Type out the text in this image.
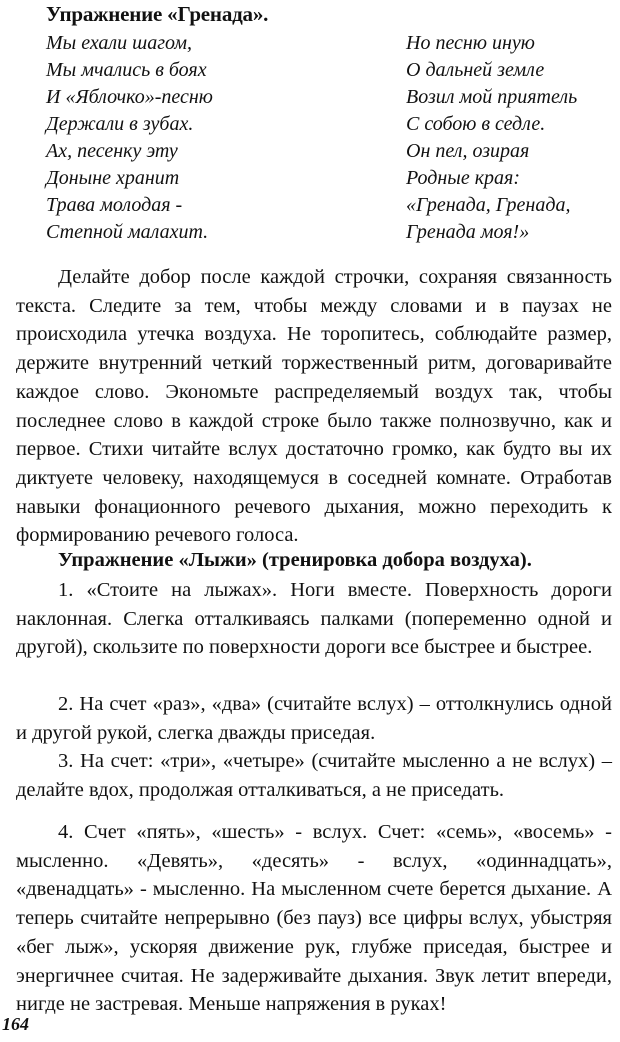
Упражнение «Гренада».
Мы ехали шагом,
Мы мчались в боях
И «Яблочко»-песню
Держали в зубах.
Ах, песенку эту
Доныне хранит
Трава молодая -
Степной малахит.
Но песню иную
О дальней земле
Возил мой приятель
С собою в седле.
Он пел, озирая
Родные края:
«Гренада, Гренада,
Гренада моя!»

Делайте добор после каждой строчки, сохраняя связанность текста. Следите за тем, чтобы между словами и в паузах не происходила утечка воздуха. Не торопитесь, соблюдайте размер, держите внутренний четкий торжественный ритм, договаривайте каждое слово. Экономьте распределяемый воздух так, чтобы последнее слово в каждой строке было также полнозвучно, как и первое. Стихи читайте вслух достаточно громко, как будто вы их диктуете человеку, находящемуся в соседней комнате. Отработав навыки фонационного речевого дыхания, можно переходить к формированию речевого голоса.

Упражнение «Лыжи» (тренировка добора воздуха).

1. «Стоите на лыжах». Ноги вместе. Поверхность дороги наклонная. Слегка отталкиваясь палками (попеременно одной и другой), скользите по поверхности дороги все быстрее и быстрее.

2. На счет «раз», «два» (считайте вслух) – оттолкнулись одной и другой рукой, слегка дважды приседая.

3. На счет: «три», «четыре» (считайте мысленно а не вслух) – делайте вдох, продолжая отталкиваться, а не приседать.

4. Счет «пять», «шесть» - вслух. Счет: «семь», «восемь» - мысленно. «Девять», «десять» - вслух, «одиннадцать», «двенадцать» - мысленно. На мысленном счете берется дыхание. А теперь считайте непрерывно (без пауз) все цифры вслух, убыстряя «бег лыж», ускоряя движение рук, глубже приседая, быстрее и энергичнее считая. Не задерживайте дыхания. Звук летит впереди, нигде не застревая. Меньше напряжения в руках!

164
